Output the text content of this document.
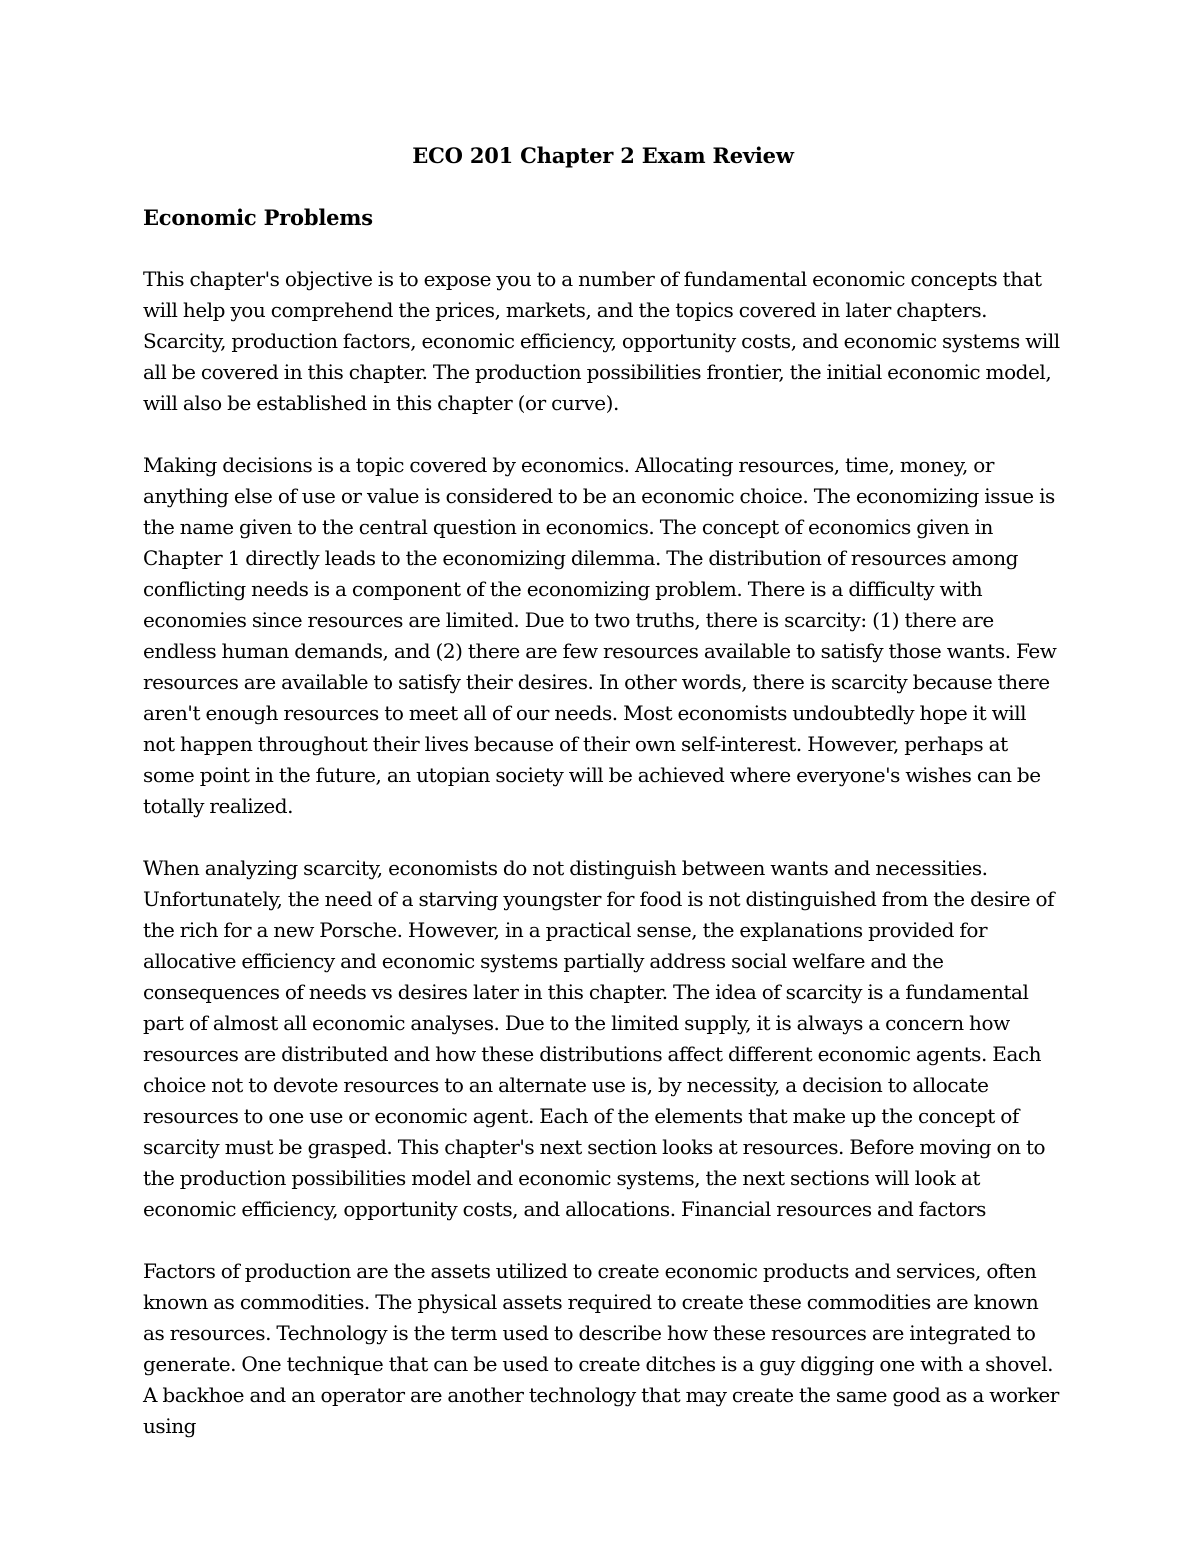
ECO 201 Chapter 2 Exam Review
Economic Problems

This chapter's objective is to expose you to a number of fundamental economic concepts that will help you comprehend the prices, markets, and the topics covered in later chapters. Scarcity, production factors, economic efficiency, opportunity costs, and economic systems will all be covered in this chapter. The production possibilities frontier, the initial economic model, will also be established in this chapter (or curve).

Making decisions is a topic covered by economics. Allocating resources, time, money, or anything else of use or value is considered to be an economic choice. The economizing issue is the name given to the central question in economics. The concept of economics given in Chapter 1 directly leads to the economizing dilemma. The distribution of resources among conflicting needs is a component of the economizing problem. There is a difficulty with economies since resources are limited. Due to two truths, there is scarcity: (1) there are endless human demands, and (2) there are few resources available to satisfy those wants. Few resources are available to satisfy their desires. In other words, there is scarcity because there aren't enough resources to meet all of our needs. Most economists undoubtedly hope it will not happen throughout their lives because of their own self-interest. However, perhaps at some point in the future, an utopian society will be achieved where everyone's wishes can be totally realized.

When analyzing scarcity, economists do not distinguish between wants and necessities. Unfortunately, the need of a starving youngster for food is not distinguished from the desire of the rich for a new Porsche. However, in a practical sense, the explanations provided for allocative efficiency and economic systems partially address social welfare and the consequences of needs vs desires later in this chapter. The idea of scarcity is a fundamental part of almost all economic analyses. Due to the limited supply, it is always a concern how resources are distributed and how these distributions affect different economic agents. Each choice not to devote resources to an alternate use is, by necessity, a decision to allocate resources to one use or economic agent. Each of the elements that make up the concept of scarcity must be grasped. This chapter's next section looks at resources. Before moving on to the production possibilities model and economic systems, the next sections will look at economic efficiency, opportunity costs, and allocations. Financial resources and factors

Factors of production are the assets utilized to create economic products and services, often known as commodities. The physical assets required to create these commodities are known as resources. Technology is the term used to describe how these resources are integrated to generate. One technique that can be used to create ditches is a guy digging one with a shovel. A backhoe and an operator are another technology that may create the same good as a worker using
